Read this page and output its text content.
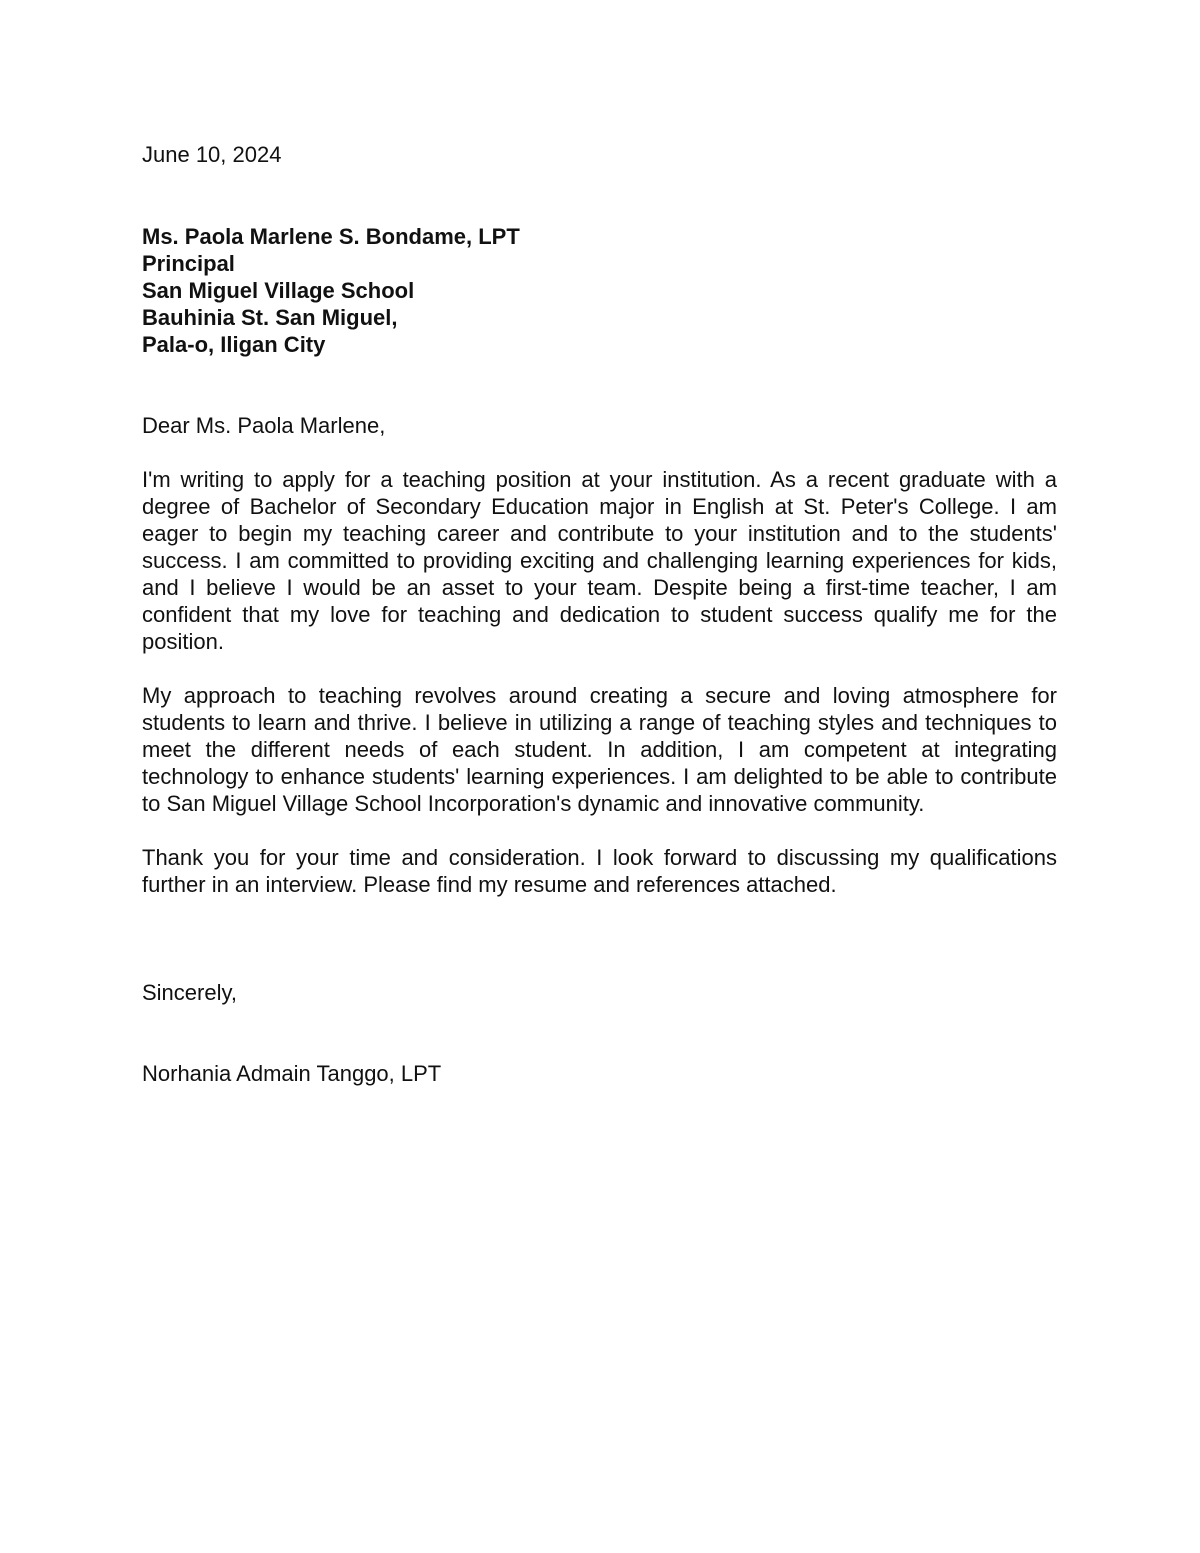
June 10, 2024

Ms. Paola Marlene S. Bondame, LPT
Principal
San Miguel Village School
Bauhinia St. San Miguel,
Pala-o, Iligan City

Dear Ms. Paola Marlene,

I'm writing to apply for a teaching position at your institution. As a recent graduate with a degree of Bachelor of Secondary Education major in English at St. Peter's College. I am eager to begin my teaching career and contribute to your institution and to the students' success. I am committed to providing exciting and challenging learning experiences for kids, and I believe I would be an asset to your team. Despite being a first-time teacher, I am confident that my love for teaching and dedication to student success qualify me for the position.

My approach to teaching revolves around creating a secure and loving atmosphere for students to learn and thrive. I believe in utilizing a range of teaching styles and techniques to meet the different needs of each student. In addition, I am competent at integrating technology to enhance students' learning experiences. I am delighted to be able to contribute to San Miguel Village School Incorporation's dynamic and innovative community.

Thank you for your time and consideration. I look forward to discussing my qualifications further in an interview. Please find my resume and references attached.

Sincerely,

Norhania Admain Tanggo, LPT
